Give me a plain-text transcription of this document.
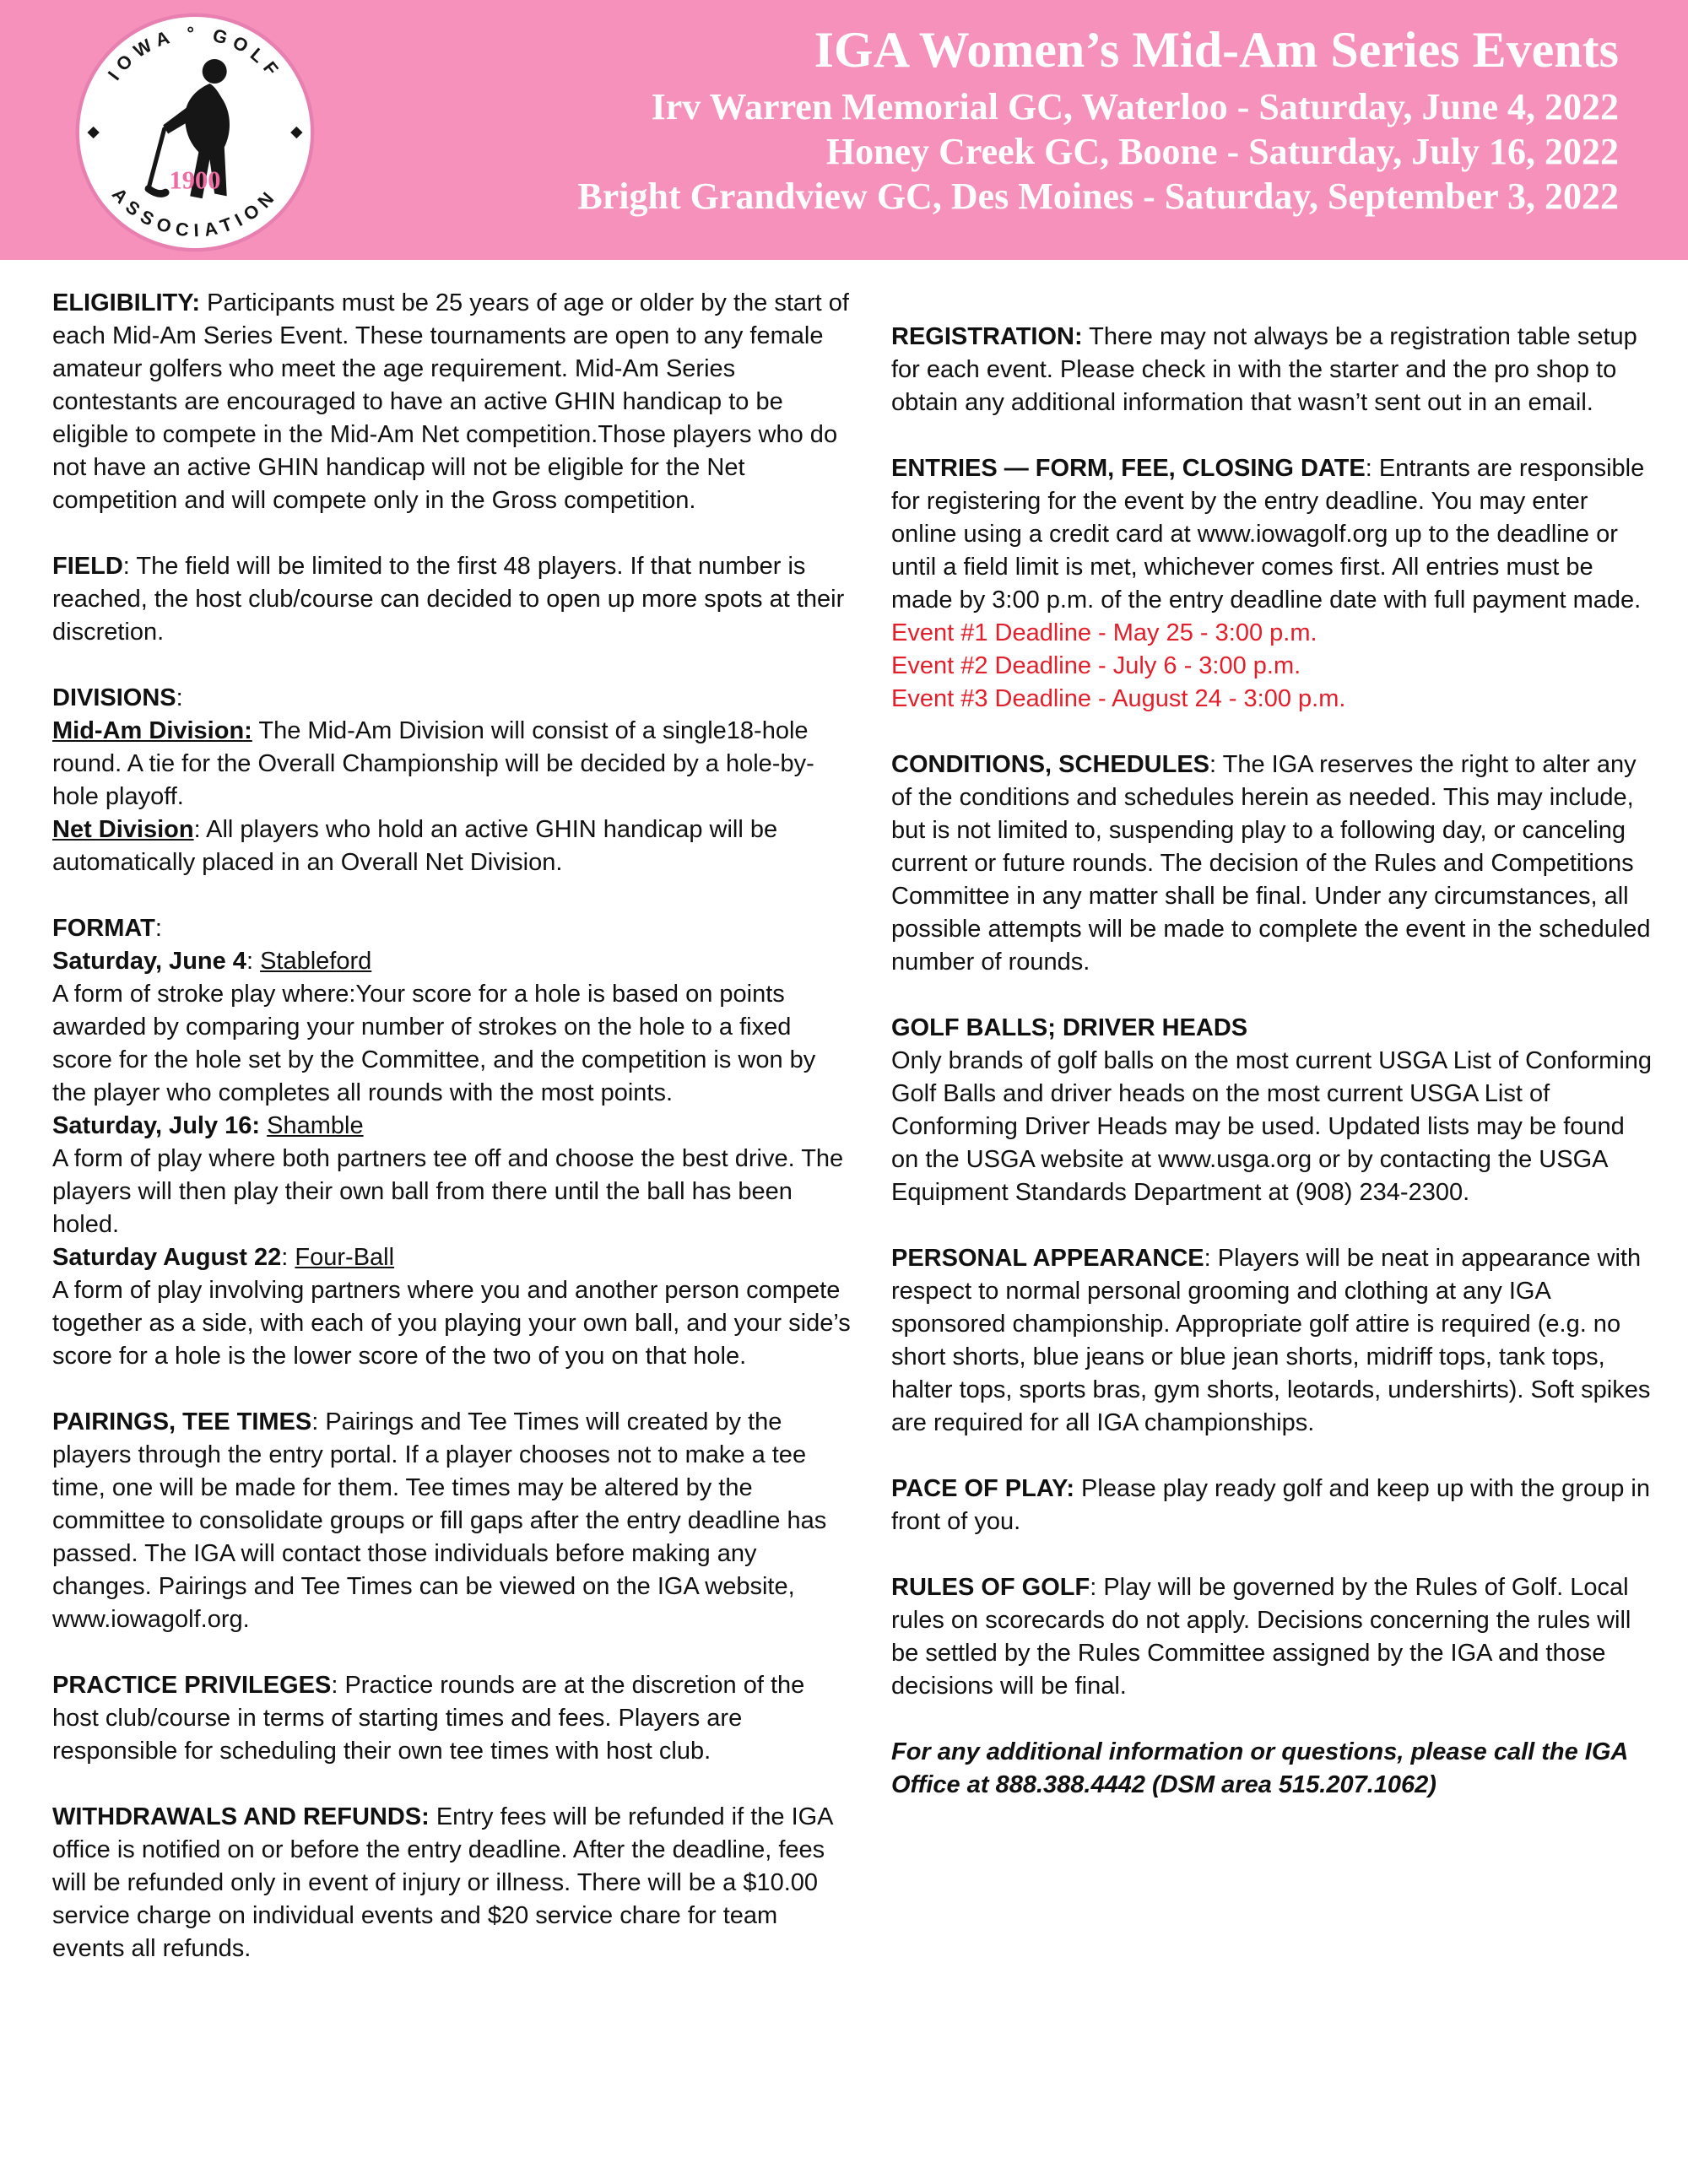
IOWA ° GOLF
ASSOCIATION
1900
IGA Women’s Mid-Am Series Events
Irv Warren Memorial GC, Waterloo - Saturday, June 4, 2022
Honey Creek GC, Boone - Saturday, July 16, 2022
Bright Grandview GC, Des Moines - Saturday, September 3, 2022

ELIGIBILITY: Participants must be 25 years of age or older by the start of each Mid-Am Series Event. These tournaments are open to any female amateur golfers who meet the age requirement. Mid-Am Series contestants are encouraged to have an active GHIN handicap to be eligible to compete in the Mid-Am Net competition.Those players who do not have an active GHIN handicap will not be eligible for the Net competition and will compete only in the Gross competition.

FIELD: The field will be limited to the first 48 players. If that number is reached, the host club/course can decided to open up more spots at their discretion.

DIVISIONS:

Mid-Am Division: The Mid-Am Division will consist of a single18-hole round. A tie for the Overall Championship will be decided by a hole-by-hole playoff.

Net Division: All players who hold an active GHIN handicap will be automatically placed in an Overall Net Division.

FORMAT:

Saturday, June 4: Stableford

A form of stroke play where:Your score for a hole is based on points awarded by comparing your number of strokes on the hole to a fixed score for the hole set by the Committee, and the competition is won by the player who completes all rounds with the most points.

Saturday, July 16: Shamble

A form of play where both partners tee off and choose the best drive. The players will then play their own ball from there until the ball has been holed.

Saturday August 22: Four-Ball

A form of play involving partners where you and another person compete together as a side, with each of you playing your own ball, and your side’s score for a hole is the lower score of the two of you on that hole.

PAIRINGS, TEE TIMES: Pairings and Tee Times will created by the players through the entry portal. If a player chooses not to make a tee time, one will be made for them. Tee times may be altered by the committee to consolidate groups or fill gaps after the entry deadline has passed. The IGA will contact those individuals before making any changes. Pairings and Tee Times can be viewed on the IGA website, www.iowagolf.org.

PRACTICE PRIVILEGES: Practice rounds are at the discretion of the host club/course in terms of starting times and fees. Players are responsible for scheduling their own tee times with host club.

WITHDRAWALS AND REFUNDS: Entry fees will be refunded if the IGA office is notified on or before the entry deadline. After the deadline, fees will be refunded only in event of injury or illness. There will be a $10.00 service charge on individual events and $20 service chare for team events all refunds.

REGISTRATION: There may not always be a registration table setup for each event. Please check in with the starter and the pro shop to obtain any additional information that wasn’t sent out in an email.

ENTRIES — FORM, FEE, CLOSING DATE: Entrants are responsible for registering for the event by the entry deadline. You may enter online using a credit card at www.iowagolf.org up to the deadline or until a field limit is met, whichever comes first. All entries must be made by 3:00 p.m. of the entry deadline date with full payment made.

Event #1 Deadline - May 25 - 3:00 p.m.

Event #2 Deadline - July 6 - 3:00 p.m.

Event #3 Deadline - August 24 - 3:00 p.m.

CONDITIONS, SCHEDULES: The IGA reserves the right to alter any of the conditions and schedules herein as needed. This may include, but is not limited to, suspending play to a following day, or canceling current or future rounds. The decision of the Rules and Competitions Committee in any matter shall be final. Under any circumstances, all possible attempts will be made to complete the event in the scheduled number of rounds.

GOLF BALLS; DRIVER HEADS

Only brands of golf balls on the most current USGA List of Conforming Golf Balls and driver heads on the most current USGA List of Conforming Driver Heads may be used. Updated lists may be found on the USGA website at www.usga.org or by contacting the USGA Equipment Standards Department at (908) 234-2300.

PERSONAL APPEARANCE: Players will be neat in appearance with respect to normal personal grooming and clothing at any IGA sponsored championship. Appropriate golf attire is required (e.g. no short shorts, blue jeans or blue jean shorts, midriff tops, tank tops, halter tops, sports bras, gym shorts, leotards, undershirts). Soft spikes are required for all IGA championships.

PACE OF PLAY: Please play ready golf and keep up with the group in front of you.

RULES OF GOLF: Play will be governed by the Rules of Golf. Local rules on scorecards do not apply. Decisions concerning the rules will be settled by the Rules Committee assigned by the IGA and those decisions will be final.

For any additional information or questions, please call the IGA Office at 888.388.4442 (DSM area 515.207.1062)
